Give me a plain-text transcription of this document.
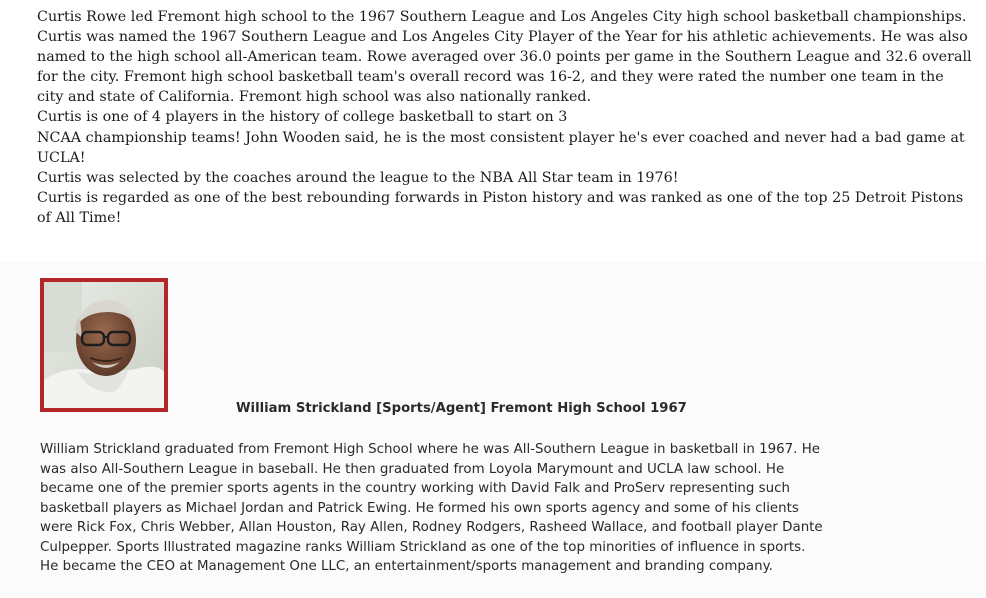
Curtis Rowe led Fremont high school to the 1967 Southern League and Los Angeles City high school basketball championships.

Curtis was named the 1967 Southern League and Los Angeles City Player of the Year for his athletic achievements. He was also

named to the high school all-American team. Rowe averaged over 36.0 points per game in the Southern League and 32.6 overall

for the city. Fremont high school basketball team's overall record was 16-2, and they were rated the number one team in the

city and state of California. Fremont high school was also nationally ranked.

Curtis is one of 4 players in the history of college basketball to start on 3

NCAA championship teams! John Wooden said, he is the most consistent player he's ever coached and never had a bad game at

UCLA!

Curtis was selected by the coaches around the league to the NBA All Star team in 1976!

Curtis is regarded as one of the best rebounding forwards in Piston history and was ranked as one of the top 25 Detroit Pistons

of All Time!

William Strickland [Sports/Agent] Fremont High School 1967

William Strickland graduated from Fremont High School where he was All-Southern League in basketball in 1967. He

was also All-Southern League in baseball. He then graduated from Loyola Marymount and UCLA law school. He

became one of the premier sports agents in the country working with David Falk and ProServ representing such

basketball players as Michael Jordan and Patrick Ewing. He formed his own sports agency and some of his clients

were Rick Fox, Chris Webber, Allan Houston, Ray Allen, Rodney Rodgers, Rasheed Wallace, and football player Dante

Culpepper. Sports Illustrated magazine ranks William Strickland as one of the top minorities of influence in sports.

He became the CEO at Management One LLC, an entertainment/sports management and branding company.
